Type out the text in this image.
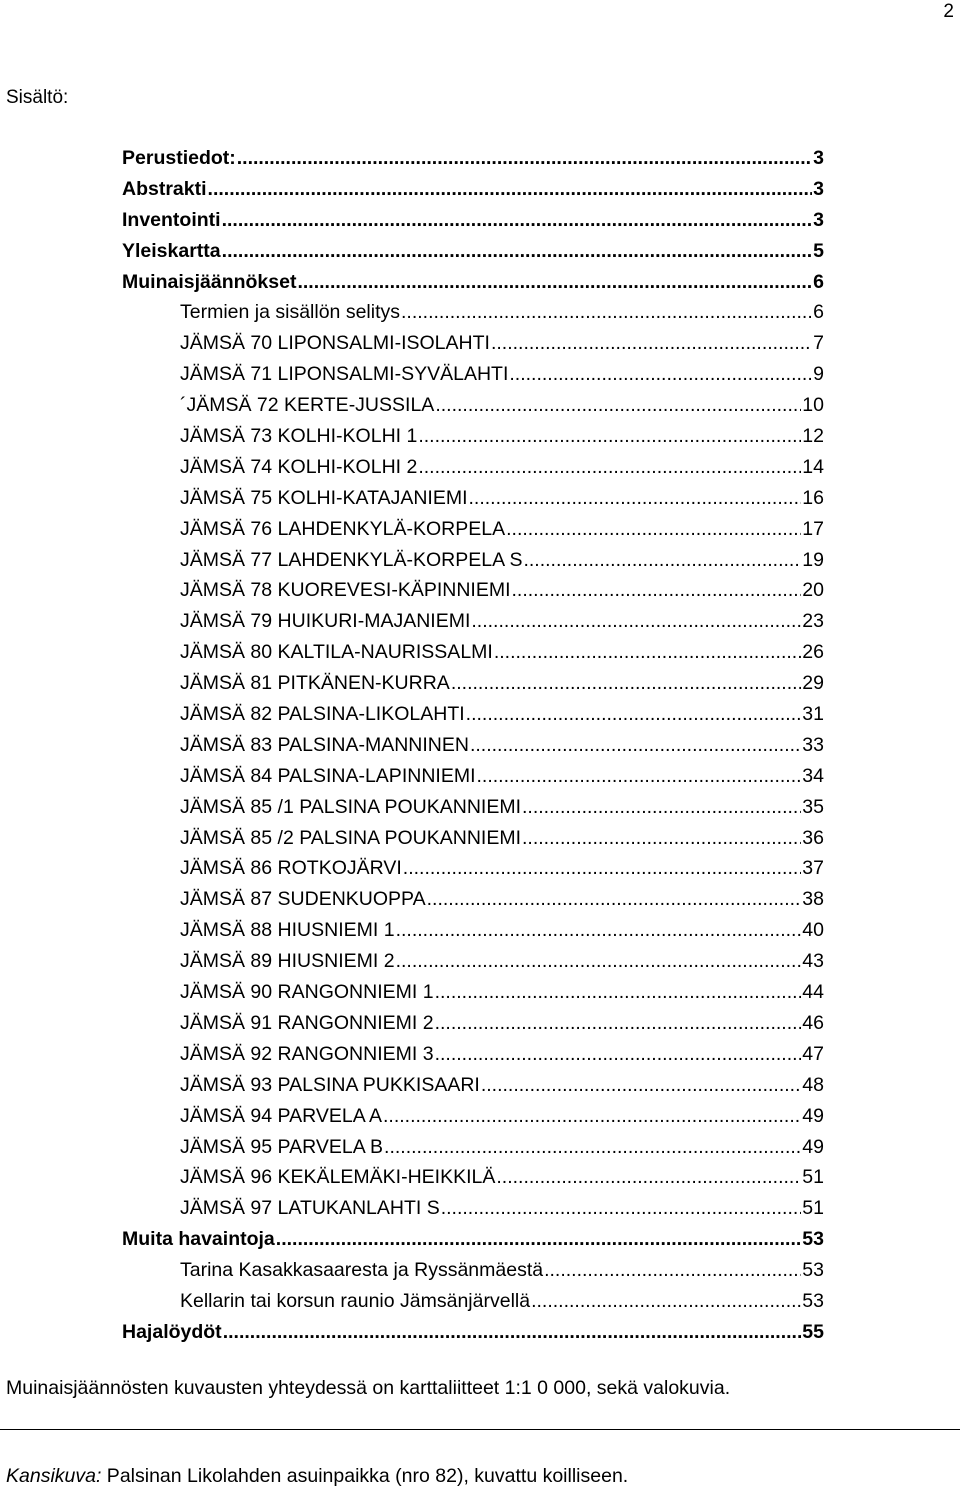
2
Sisältö:
Perustiedot: .....	3
Abstrakti .....	3
Inventointi .....	3
Yleiskartta .....	5
Muinaisjäännökset .....	6
Termien ja sisällön selitys .....	6
JÄMSÄ 70 LIPONSALMI-ISOLAHTI .....	7
JÄMSÄ 71 LIPONSALMI-SYVÄLAHTI .....	9
´JÄMSÄ 72 KERTE-JUSSILA .....	10
JÄMSÄ 73 KOLHI-KOLHI 1 .....	12
JÄMSÄ 74 KOLHI-KOLHI 2 .....	14
JÄMSÄ 75 KOLHI-KATAJANIEMI .....	16
JÄMSÄ 76 LAHDENKYLÄ-KORPELA .....	17
JÄMSÄ 77 LAHDENKYLÄ-KORPELA S .....	19
JÄMSÄ 78 KUOREVESI-KÄPINNIEMI .....	20
JÄMSÄ 79 HUIKURI-MAJANIEMI .....	23
JÄMSÄ 80 KALTILA-NAURISSALMI .....	26
JÄMSÄ 81 PITKÄNEN-KURRA .....	29
JÄMSÄ 82 PALSINA-LIKOLAHTI .....	31
JÄMSÄ 83 PALSINA-MANNINEN .....	33
JÄMSÄ 84 PALSINA-LAPINNIEMI .....	34
JÄMSÄ 85 /1 PALSINA POUKANNIEMI .....	35
JÄMSÄ 85 /2 PALSINA POUKANNIEMI .....	36
JÄMSÄ 86 ROTKOJÄRVI .....	37
JÄMSÄ 87 SUDENKUOPPA .....	38
JÄMSÄ 88 HIUSNIEMI 1 .....	40
JÄMSÄ 89 HIUSNIEMI 2 .....	43
JÄMSÄ 90 RANGONNIEMI 1 .....	44
JÄMSÄ 91 RANGONNIEMI 2 .....	46
JÄMSÄ 92 RANGONNIEMI 3 .....	47
JÄMSÄ 93 PALSINA PUKKISAARI .....	48
JÄMSÄ 94 PARVELA A .....	49
JÄMSÄ 95 PARVELA B .....	49
JÄMSÄ 96 KEKÄLEMÄKI-HEIKKILÄ .....	51
JÄMSÄ 97 LATUKANLAHTI S .....	51
Muita havaintoja .....	53
Tarina Kasakkasaaresta ja Ryssänmäestä .....	53
Kellarin tai korsun raunio Jämsänjärvellä .....	53
Hajalöydöt .....	55
Muinaisjäännösten kuvausten yhteydessä on karttaliitteet 1:1 0 000, sekä valokuvia.
Kansikuva: Palsinan Likolahden asuinpaikka (nro 82), kuvattu koilliseen.
